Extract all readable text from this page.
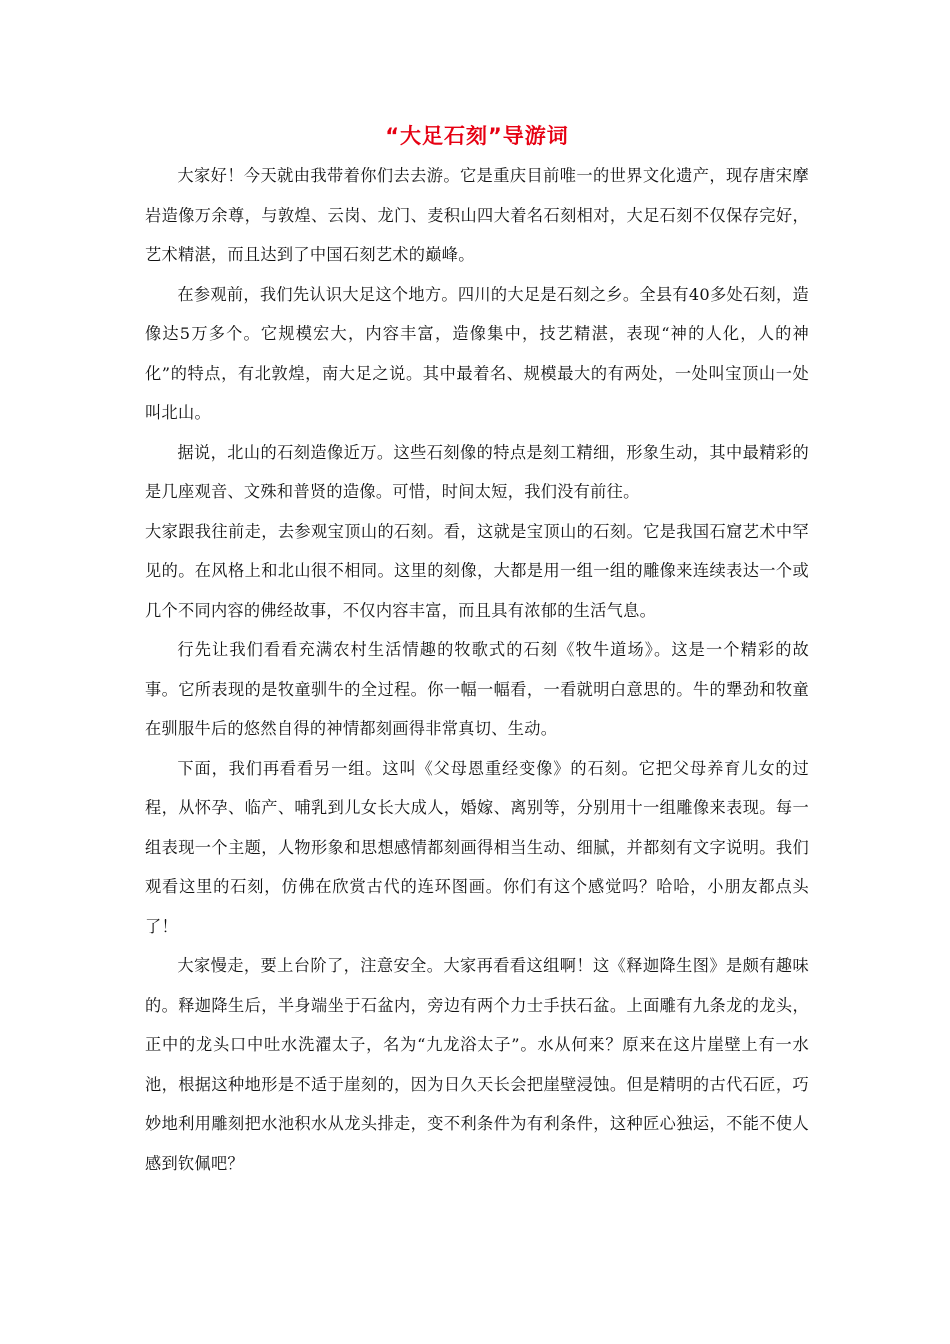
“大足石刻”导游词

大家好！今天就由我带着你们去去游。它是重庆目前唯一的世界文化遗产，现存唐宋摩岩造像万余尊，与敦煌、云岗、龙门、麦积山四大着名石刻相对，大足石刻不仅保存完好，艺术精湛，而且达到了中国石刻艺术的巅峰。

在参观前，我们先认识大足这个地方。四川的大足是石刻之乡。全县有40多处石刻，造像达5万多个。它规模宏大，内容丰富，造像集中，技艺精湛，表现“神的人化，人的神化”的特点，有北敦煌，南大足之说。其中最着名、规模最大的有两处，一处叫宝顶山一处叫北山。

据说，北山的石刻造像近万。这些石刻像的特点是刻工精细，形象生动，其中最精彩的是几座观音、文殊和普贤的造像。可惜，时间太短，我们没有前往。

大家跟我往前走，去参观宝顶山的石刻。看，这就是宝顶山的石刻。它是我国石窟艺术中罕见的。在风格上和北山很不相同。这里的刻像，大都是用一组一组的雕像来连续表达一个或几个不同内容的佛经故事，不仅内容丰富，而且具有浓郁的生活气息。

行先让我们看看充满农村生活情趣的牧歌式的石刻《牧牛道场》。这是一个精彩的故事。它所表现的是牧童驯牛的全过程。你一幅一幅看，一看就明白意思的。牛的犟劲和牧童在驯服牛后的悠然自得的神情都刻画得非常真切、生动。

下面，我们再看看另一组。这叫《父母恩重经变像》的石刻。它把父母养育儿女的过程，从怀孕、临产、哺乳到儿女长大成人，婚嫁、离别等，分别用十一组雕像来表现。每一组表现一个主题，人物形象和思想感情都刻画得相当生动、细腻，并都刻有文字说明。我们观看这里的石刻，仿佛在欣赏古代的连环图画。你们有这个感觉吗？哈哈，小朋友都点头了！

大家慢走，要上台阶了，注意安全。大家再看看这组啊！这《释迦降生图》是颇有趣味的。释迦降生后，半身端坐于石盆内，旁边有两个力士手扶石盆。上面雕有九条龙的龙头，正中的龙头口中吐水洗濯太子，名为“九龙浴太子”。水从何来？原来在这片崖壁上有一水池，根据这种地形是不适于崖刻的，因为日久天长会把崖壁浸蚀。但是精明的古代石匠，巧妙地利用雕刻把水池积水从龙头排走，变不利条件为有利条件，这种匠心独运，不能不使人感到钦佩吧？
